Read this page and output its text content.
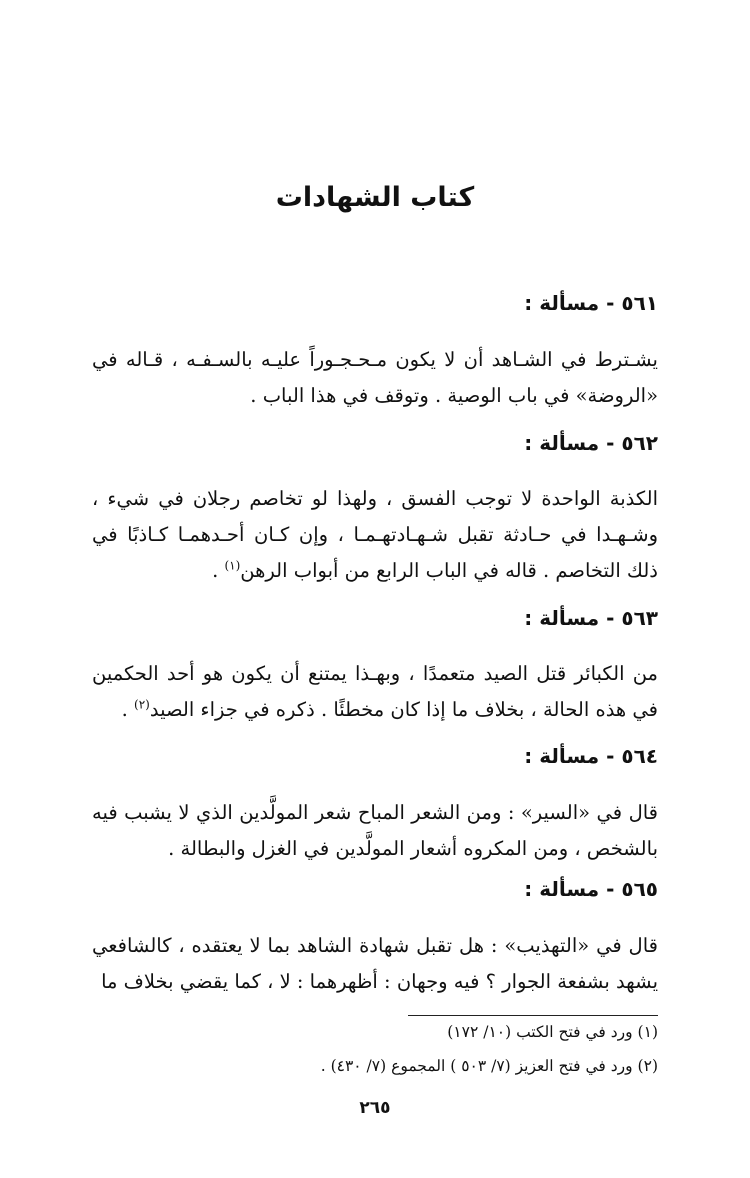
كتاب الشهادات
٥٦١ - مسألة :

يشـترط في الشـاهد أن لا يكون مـحـجـوراً عليـه بالسـفـه ، قـاله في «الروضة» في باب الوصية . وتوقف في هذا الباب .

٥٦٢ - مسألة :

الكذبة الواحدة لا توجب الفسق ، ولهذا لو تخاصم رجلان في شيء ، وشـهـدا في حـادثة تقبل شـهـادتهـمـا ، وإن كـان أحـدهمـا كـاذبًا في ذلك التخاصم . قاله في الباب الرابع من أبواب الرهن$^{(١)}$ .

٥٦٣ - مسألة :

من الكبائر قتل الصيد متعمدًا ، وبهـذا يمتنع أن يكون هو أحد الحكمين في هذه الحالة ، بخلاف ما إذا كان مخطئًا . ذكره في جزاء الصيد$^{(٢)}$ .

٥٦٤ - مسألة :

قال في «السير» : ومن الشعر المباح شعر المولَّدين الذي لا يشبب فيه بالشخص ، ومن المكروه أشعار المولَّدين في الغزل والبطالة .

٥٦٥ - مسألة :

قال في «التهذيب» : هل تقبل شهادة الشاهد بما لا يعتقده ، كالشافعي يشهد بشفعة الجوار ؟ فيه وجهان : أظهرهما : لا ، كما يقضي بخلاف ما

(١) ورد في فتح الكتب (١٠/ ١٧٢)

(٢) ورد في فتح العزيز (٧/ ٥٠٣ ) المجموع (٧/ ٤٣٠) .

٢٦٥
